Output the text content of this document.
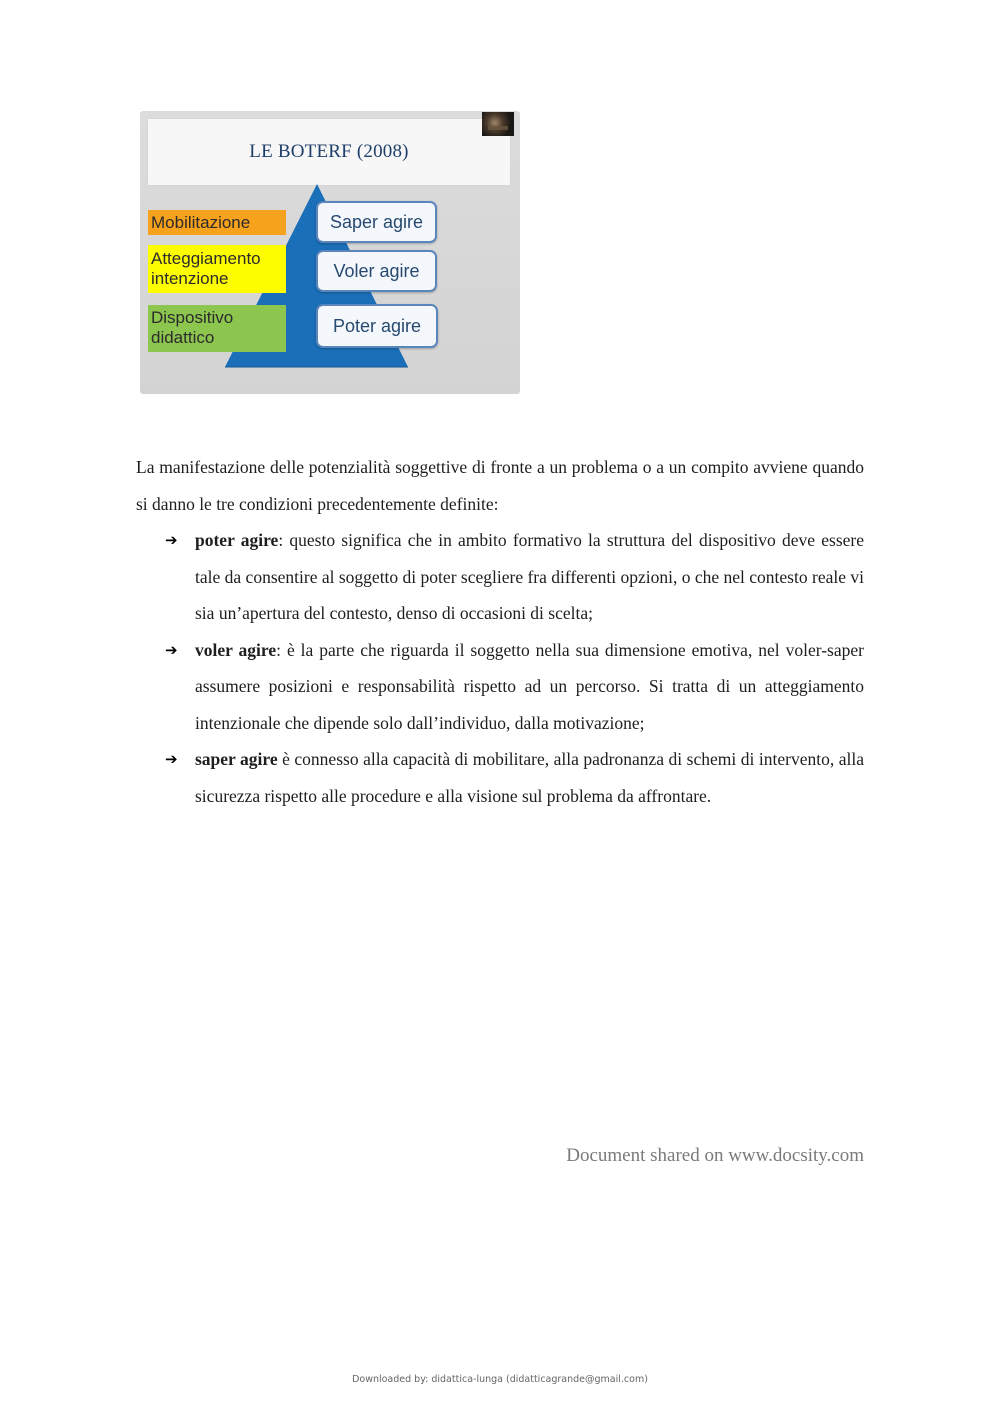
LE BOTERF (2008)
Mobilitazione
Atteggiamento
intenzione
Dispositivo
didattico
Saper agire
Voler agire
Poter agire

La manifestazione delle potenzialità soggettive di fronte a un problema o a un compito avviene quando si danno le tre condizioni precedentemente definite:

➔ poter agire: questo significa che in ambito formativo la struttura del dispositivo deve essere tale da consentire al soggetto di poter scegliere fra differenti opzioni, o che nel contesto reale vi sia un’apertura del contesto, denso di occasioni di scelta;
➔ voler agire: è la parte che riguarda il soggetto nella sua dimensione emotiva, nel voler-saper assumere posizioni e responsabilità rispetto ad un percorso. Si tratta di un atteggiamento intenzionale che dipende solo dall’individuo, dalla motivazione;
➔ saper agire è connesso alla capacità di mobilitare, alla padronanza di schemi di intervento, alla sicurezza rispetto alle procedure e alla visione sul problema da affrontare.
Document shared on www.docsity.com
Downloaded by: didattica-lunga (didatticagrande@gmail.com)
